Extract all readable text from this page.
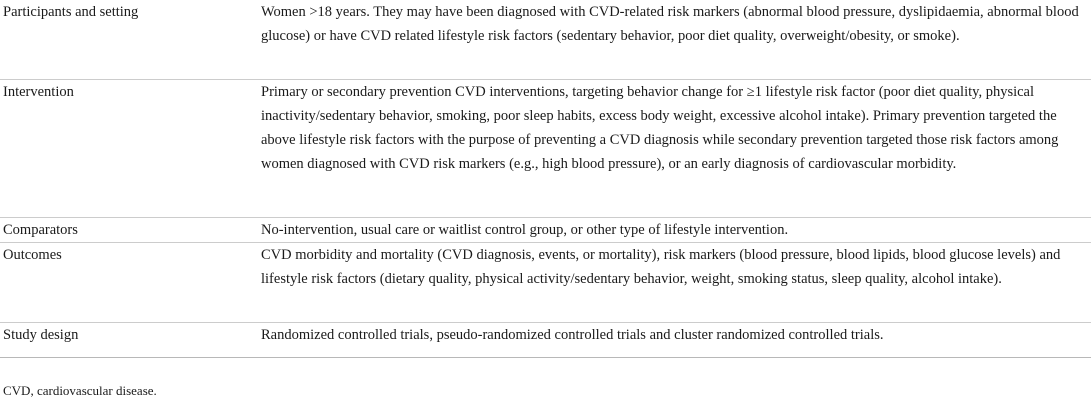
Participants and setting	Women >18 years. They may have been diagnosed with CVD-related risk markers (abnormal blood pressure, dyslipidaemia, abnormal blood glucose) or have CVD related lifestyle risk factors (sedentary behavior, poor diet quality, overweight/obesity, or smoke).
Intervention	Primary or secondary prevention CVD interventions, targeting behavior change for ≥1 lifestyle risk factor (poor diet quality, physical inactivity/sedentary behavior, smoking, poor sleep habits, excess body weight, excessive alcohol intake). Primary prevention targeted the above lifestyle risk factors with the purpose of preventing a CVD diagnosis while secondary prevention targeted those risk factors among women diagnosed with CVD risk markers (e.g., high blood pressure), or an early diagnosis of cardiovascular morbidity.
Comparators	No-intervention, usual care or waitlist control group, or other type of lifestyle intervention.
Outcomes	CVD morbidity and mortality (CVD diagnosis, events, or mortality), risk markers (blood pressure, blood lipids, blood glucose levels) and lifestyle risk factors (dietary quality, physical activity/sedentary behavior, weight, smoking status, sleep quality, alcohol intake).
Study design	Randomized controlled trials, pseudo-randomized controlled trials and cluster randomized controlled trials.
CVD, cardiovascular disease.
